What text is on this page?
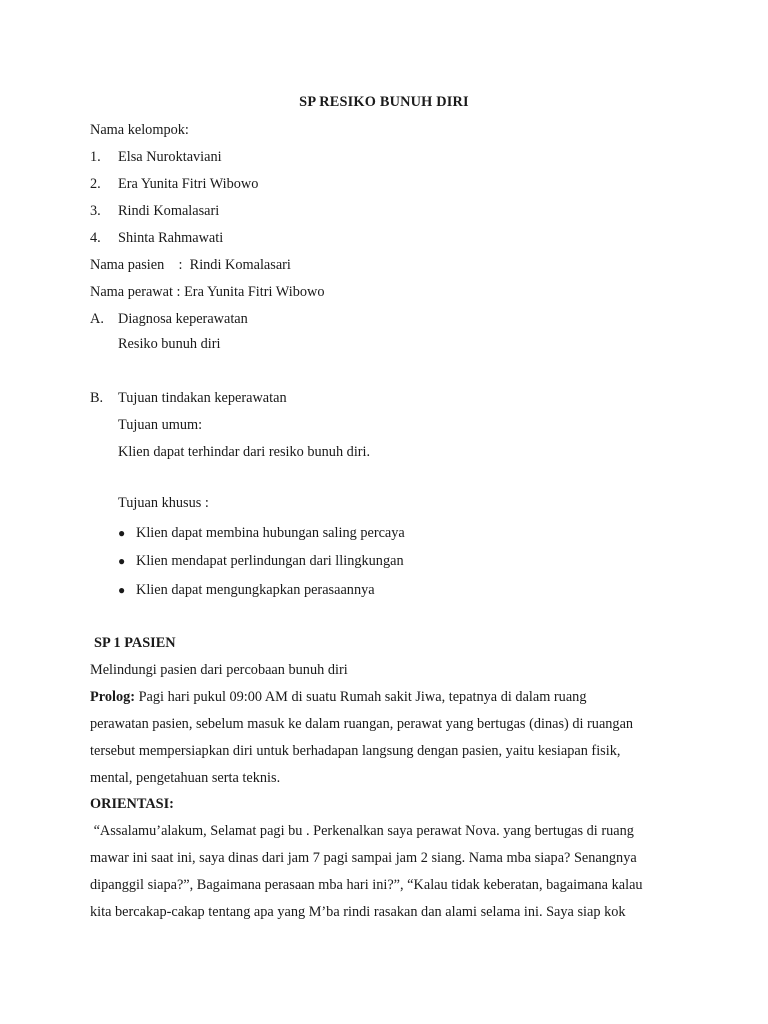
SP RESIKO BUNUH DIRI
Nama kelompok:
1. Elsa Nuroktaviani
2. Era Yunita Fitri Wibowo
3. Rindi Komalasari
4. Shinta Rahmawati
Nama pasien    :  Rindi Komalasari
Nama perawat : Era Yunita Fitri Wibowo
A. Diagnosa keperawatan
Resiko bunuh diri
B. Tujuan tindakan keperawatan
Tujuan umum:
Klien dapat terhindar dari resiko bunuh diri.
Tujuan khusus :
● Klien dapat membina hubungan saling percaya
● Klien mendapat perlindungan dari llingkungan
● Klien dapat mengungkapkan perasaannya
SP 1 PASIEN
Melindungi pasien dari percobaan bunuh diri
Prolog: Pagi hari pukul 09:00 AM di suatu Rumah sakit Jiwa, tepatnya di dalam ruang
perawatan pasien, sebelum masuk ke dalam ruangan, perawat yang bertugas (dinas) di ruangan
tersebut mempersiapkan diri untuk berhadapan langsung dengan pasien, yaitu kesiapan fisik,
mental, pengetahuan serta teknis.
ORIENTASI:
“Assalamu’alakum, Selamat pagi bu . Perkenalkan saya perawat Nova. yang bertugas di ruang
mawar ini saat ini, saya dinas dari jam 7 pagi sampai jam 2 siang. Nama mba siapa? Senangnya
dipanggil siapa?”, Bagaimana perasaan mba hari ini?”, “Kalau tidak keberatan, bagaimana kalau
kita bercakap-cakap tentang apa yang M’ba rindi rasakan dan alami selama ini. Saya siap kok
